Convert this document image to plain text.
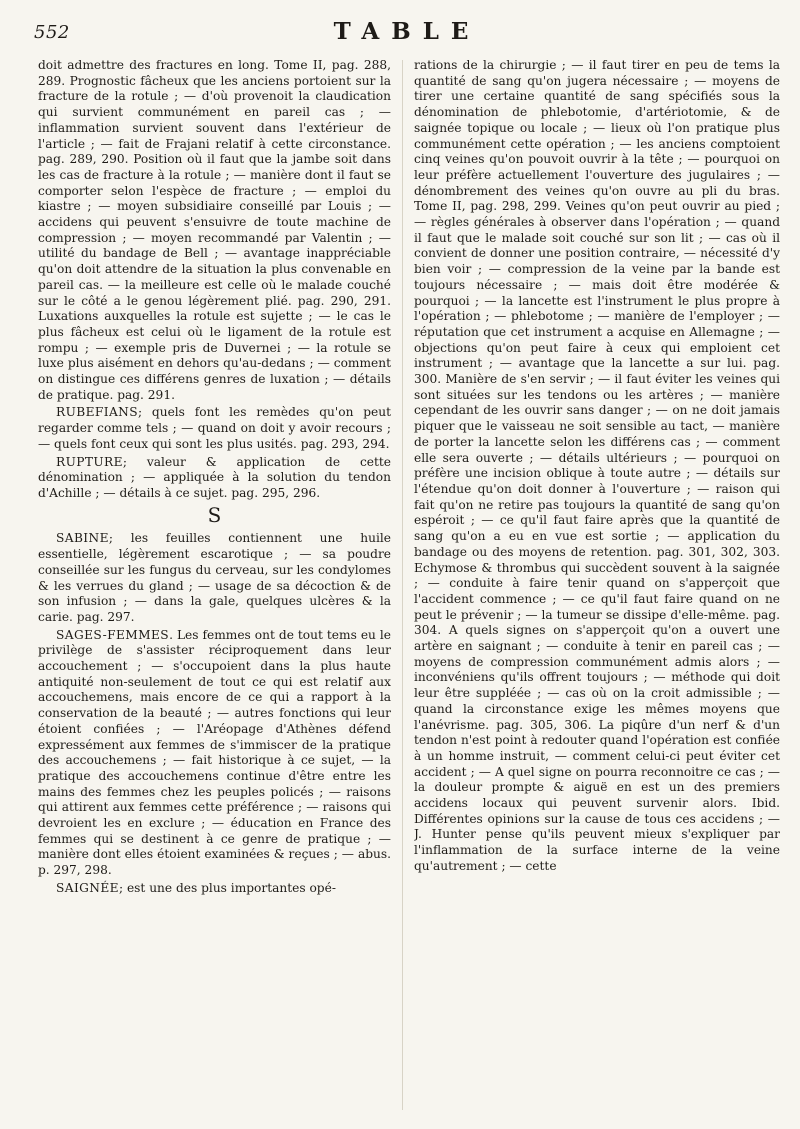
552	TABLE

doit admettre des fractures en long. Tome II, pag. 288, 289. Prognostic fâcheux que les anciens portoient sur la fracture de la rotule ; — d'où provenoit la claudication qui survient communément en pareil cas ; — inflammation survient souvent dans l'extérieur de l'article ; — fait de Frajani relatif à cette circonstance. pag. 289, 290. Position où il faut que la jambe soit dans les cas de fracture à la rotule ; — manière dont il faut se comporter selon l'espèce de fracture ; — emploi du kiastre ; — moyen subsidiaire conseillé par Louis ; — accidens qui peuvent s'ensuivre de toute machine de compression ; — moyen recommandé par Valentin ; — utilité du bandage de Bell ; — avantage inappréciable qu'on doit attendre de la situation la plus convenable en pareil cas. — la meilleure est celle où le malade couché sur le côté a le genou légèrement plié. pag. 290, 291. Luxations auxquelles la rotule est sujette ; — le cas le plus fâcheux est celui où le ligament de la rotule est rompu ; — exemple pris de Duvernei ; — la rotule se luxe plus aisément en dehors qu'au-dedans ; — comment on distingue ces différens genres de luxation ; — détails de pratique. pag. 291.

RUBEFIANS; quels font les remèdes qu'on peut regarder comme tels ; — quand on doit y avoir recours ; — quels font ceux qui sont les plus usités. pag. 293, 294.

RUPTURE; valeur & application de cette dénomination ; — appliquée à la solution du tendon d'Achille ; — détails à ce sujet. pag. 295, 296.

S

SABINE; les feuilles contiennent une huile essentielle, légèrement escarotique ; — sa poudre conseillée sur les fungus du cerveau, sur les condylomes & les verrues du gland ; — usage de sa décoction & de son infusion ; — dans la gale, quelques ulcères & la carie. pag. 297.

SAGES-FEMMES. Les femmes ont de tout tems eu le privilège de s'assister réciproquement dans leur accouchement ; — s'occupoient dans la plus haute antiquité non-seulement de tout ce qui est relatif aux accouchemens, mais encore de ce qui a rapport à la conservation de la beauté ; — autres fonctions qui leur étoient confiées ; — l'Aréopage d'Athènes défend expressément aux femmes de s'immiscer de la pratique des accouchemens ; — fait historique à ce sujet, — la pratique des accouchemens continue d'être entre les mains des femmes chez les peuples policés ; — raisons qui attirent aux femmes cette préférence ; — raisons qui devroient les en exclure ; — éducation en France des femmes qui se destinent à ce genre de pratique ; — manière dont elles étoient examinées & reçues ; — abus. p. 297, 298.

SAIGNÉE; est une des plus importantes opé-

rations de la chirurgie ; — il faut tirer en peu de tems la quantité de sang qu'on jugera nécessaire ; — moyens de tirer une certaine quantité de sang spécifiés sous la dénomination de phlebotomie, d'artériotomie, & de saignée topique ou locale ; — lieux où l'on pratique plus communément cette opération ; — les anciens comptoient cinq veines qu'on pouvoit ouvrir à la tête ; — pourquoi on leur préfère actuellement l'ouverture des jugulaires ; — dénombrement des veines qu'on ouvre au pli du bras. Tome II, pag. 298, 299. Veines qu'on peut ouvrir au pied ; — règles générales à observer dans l'opération ; — quand il faut que le malade soit couché sur son lit ; — cas où il convient de donner une position contraire, — nécessité d'y bien voir ; — compression de la veine par la bande est toujours nécessaire ; — mais doit être modérée & pourquoi ; — la lancette est l'instrument le plus propre à l'opération ; — phlebotome ; — manière de l'employer ; — réputation que cet instrument a acquise en Allemagne ; — objections qu'on peut faire à ceux qui emploient cet instrument ; — avantage que la lancette a sur lui. pag. 300. Manière de s'en servir ; — il faut éviter les veines qui sont situées sur les tendons ou les artères ; — manière cependant de les ouvrir sans danger ; — on ne doit jamais piquer que le vaisseau ne soit sensible au tact, — manière de porter la lancette selon les différens cas ; — comment elle sera ouverte ; — détails ultérieurs ; — pourquoi on préfère une incision oblique à toute autre ; — détails sur l'étendue qu'on doit donner à l'ouverture ; — raison qui fait qu'on ne retire pas toujours la quantité de sang qu'on espéroit ; — ce qu'il faut faire après que la quantité de sang qu'on a eu en vue est sortie ; — application du bandage ou des moyens de retention. pag. 301, 302, 303. Echymose & thrombus qui succèdent souvent à la saignée ; — conduite à faire tenir quand on s'apperçoit que l'accident commence ; — ce qu'il faut faire quand on ne peut le prévenir ; — la tumeur se dissipe d'elle-même. pag. 304. A quels signes on s'apperçoit qu'on a ouvert une artère en saignant ; — conduite à tenir en pareil cas ; — moyens de compression communément admis alors ; — inconvéniens qu'ils offrent toujours ; — méthode qui doit leur être suppléée ; — cas où on la croit admissible ; — quand la circonstance exige les mêmes moyens que l'anévrisme. pag. 305, 306. La piqûre d'un nerf & d'un tendon n'est point à redouter quand l'opération est confiée à un homme instruit, — comment celui-ci peut éviter cet accident ; — A quel signe on pourra reconnoitre ce cas ; — la douleur prompte & aiguë en est un des premiers accidens locaux qui peuvent survenir alors. Ibid. Différentes opinions sur la cause de tous ces accidens ; — J. Hunter pense qu'ils peuvent mieux s'expliquer par l'inflammation de la surface interne de la veine qu'autrement ; — cette
